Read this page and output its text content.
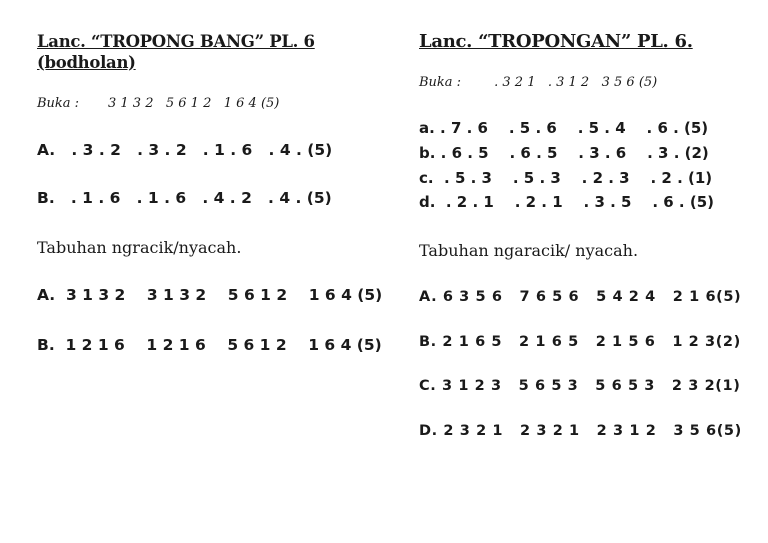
Lanc. “TROPONG BANG” PL. 6
(bodholan)
Buka :       3 1 3 2   5 6 1 2   1 6 4 (5)
A.   . 3 . 2   . 3 . 2   . 1 . 6   . 4 . (5)
B.   . 1 . 6   . 1 . 6   . 4 . 2   . 4 . (5)
Tabuhan ngracik/nyacah.
A.  3 1 3 2    3 1 3 2    5 6 1 2    1 6 4 (5)
B.  1 2 1 6    1 2 1 6    5 6 1 2    1 6 4 (5)
Lanc. “TROPONGAN” PL. 6.
Buka :        . 3 2 1   . 3 1 2   3 5 6 (5)
a. . 7 . 6    . 5 . 6    . 5 . 4    . 6 . (5)
b. . 6 . 5    . 6 . 5    . 3 . 6    . 3 . (2)
c.  . 5 . 3    . 5 . 3    . 2 . 3    . 2 . (1)
d.  . 2 . 1    . 2 . 1    . 3 . 5    . 6 . (5)
Tabuhan ngaracik/ nyacah.
A. 6 3 5 6   7 6 5 6   5 4 2 4   2 1 6(5)
B. 2 1 6 5   2 1 6 5   2 1 5 6   1 2 3(2)
C. 3 1 2 3   5 6 5 3   5 6 5 3   2 3 2(1)
D. 2 3 2 1   2 3 2 1   2 3 1 2   3 5 6(5)
